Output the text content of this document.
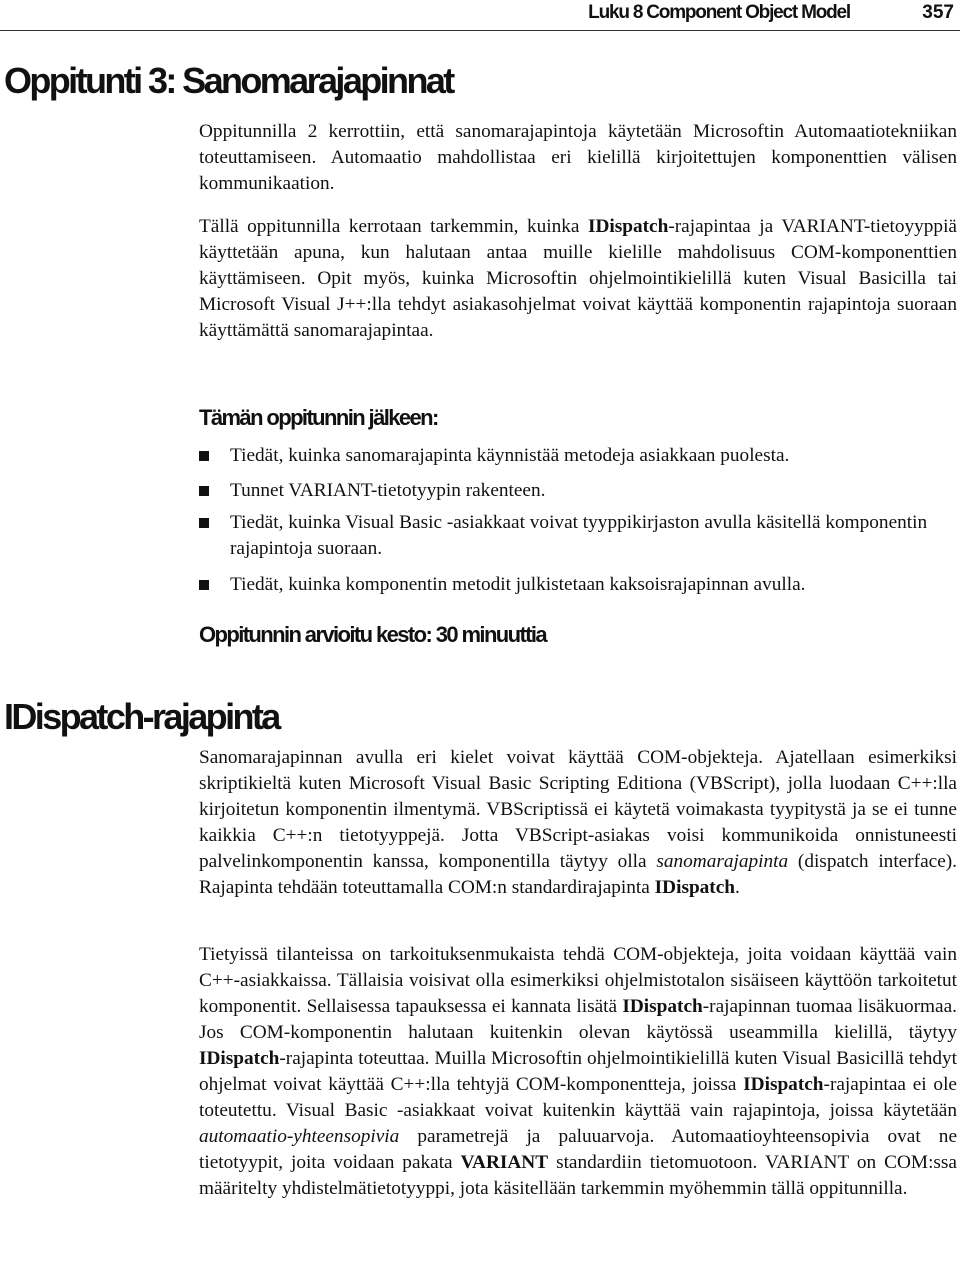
Luku 8 Component Object Model	357
Oppitunti 3: Sanomarajapinnat

Oppitunnilla 2 kerrottiin, että sanomarajapintoja käytetään Microsoftin Automaatiotekniikan toteuttamiseen. Automaatio mahdollistaa eri kielillä kirjoitettujen komponenttien välisen kommunikaation.

Tällä oppitunnilla kerrotaan tarkemmin, kuinka IDispatch-rajapintaa ja VARIANT-tietoyyppiä käyttetään apuna, kun halutaan antaa muille kielille mahdolisuus COM-komponenttien käyttämiseen. Opit myös, kuinka Microsoftin ohjelmointikielillä kuten Visual Basicilla tai Microsoft Visual J++:lla tehdyt asiakasohjelmat voivat käyttää komponentin rajapintoja suoraan käyttämättä sanomarajapintaa.

Tämän oppitunnin jälkeen:
Tiedät, kuinka sanomarajapinta käynnistää metodeja asiakkaan puolesta.
Tunnet VARIANT-tietotyypin rakenteen.
Tiedät, kuinka Visual Basic -asiakkaat voivat tyyppikirjaston avulla käsitellä komponentin rajapintoja suoraan.
Tiedät, kuinka komponentin metodit julkistetaan kaksoisrajapinnan avulla.
Oppitunnin arvioitu kesto: 30 minuuttia
IDispatch-rajapinta

Sanomarajapinnan avulla eri kielet voivat käyttää COM-objekteja. Ajatellaan esimerkiksi skriptikieltä kuten Microsoft Visual Basic Scripting Editiona (VBScript), jolla luodaan C++:lla kirjoitetun komponentin ilmentymä. VBScriptissä ei käytetä voimakasta tyypitystä ja se ei tunne kaikkia C++:n tietotyyppejä. Jotta VBScript-asiakas voisi kommunikoida onnistuneesti palvelinkomponentin kanssa, komponentilla täytyy olla sanomarajapinta (dispatch interface). Rajapinta tehdään toteuttamalla COM:n standardirajapinta IDispatch.

Tietyissä tilanteissa on tarkoituksenmukaista tehdä COM-objekteja, joita voidaan käyttää vain C++-asiakkaissa. Tällaisia voisivat olla esimerkiksi ohjelmistotalon sisäiseen käyttöön tarkoitetut komponentit. Sellaisessa tapauksessa ei kannata lisätä IDispatch-rajapinnan tuomaa lisäkuormaa. Jos COM-komponentin halutaan kuitenkin olevan käytössä useammilla kielillä, täytyy IDispatch-rajapinta toteuttaa. Muilla Microsoftin ohjelmointikielillä kuten Visual Basicillä tehdyt ohjelmat voivat käyttää C++:lla tehtyjä COM-komponentteja, joissa IDispatch-rajapintaa ei ole toteutettu. Visual Basic -asiakkaat voivat kuitenkin käyttää vain rajapintoja, joissa käytetään automaatio-yhteensopivia parametrejä ja paluuarvoja. Automaatioyhteensopivia ovat ne tietotyypit, joita voidaan pakata VARIANT standardiin tietomuotoon. VARIANT on COM:ssa määritelty yhdistelmätietotyyppi, jota käsitellään tarkemmin myöhemmin tällä oppitunnilla.
